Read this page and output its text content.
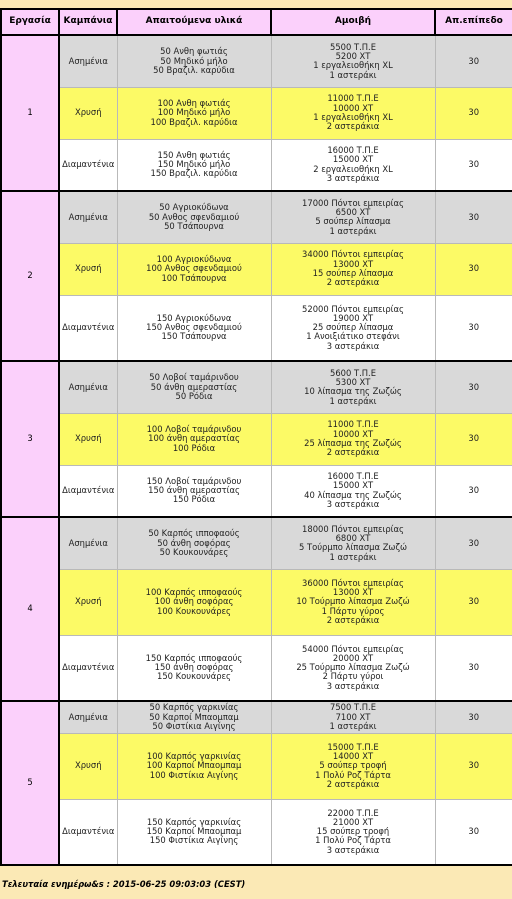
Εργασία	Καμπάνια	Απαιτούμενα υλικά	Αμοιβή	Απ.επίπεδο
1	Ασημένια	50 Ανθη φωτιάς
50 Μηδικό μήλο
50 Βραζιλ. καρύδια	5500 Τ.Π.Ε
5200 ΧΤ
1 εργαλειοθήκη XL
1 αστεράκι	30
	Χρυσή	100 Ανθη φωτιάς
100 Μηδικό μήλο
100 Βραζιλ. καρύδια	11000 Τ.Π.Ε
10000 ΧΤ
1 εργαλειοθήκη XL
2 αστεράκια	30
	Διαμαντένια	150 Ανθη φωτιάς
150 Μηδικό μήλο
150 Βραζιλ. καρύδια	16000 Τ.Π.Ε
15000 ΧΤ
2 εργαλειοθήκη XL
3 αστεράκια	30
2	Ασημένια	50 Αγριοκύδωνα
50 Ανθος σφενδαμιού
50 Τσάπουρνα	17000 Πόντοι εμπειρίας
6500 ΧΤ
5 σούπερ λίπασμα
1 αστεράκι	30
	Χρυσή	100 Αγριοκύδωνα
100 Ανθος σφενδαμιού
100 Τσάπουρνα	34000 Πόντοι εμπειρίας
13000 ΧΤ
15 σούπερ λίπασμα
2 αστεράκια	30
	Διαμαντένια	150 Αγριοκύδωνα
150 Ανθος σφενδαμιού
150 Τσάπουρνα	52000 Πόντοι εμπειρίας
19000 ΧΤ
25 σούπερ λίπασμα
1 Ανοιξιάτικο στεφάνι
3 αστεράκια	30
3	Ασημένια	50 Λοβοί ταμάρινδου
50 άνθη αμεραστίας
50 Ρόδια	5600 Τ.Π.Ε
5300 ΧΤ
10 λίπασμα της Ζωζώς
1 αστεράκι	30
	Χρυσή	100 Λοβοί ταμάρινδου
100 άνθη αμεραστίας
100 Ρόδια	11000 Τ.Π.Ε
10000 ΧΤ
25 λίπασμα της Ζωζώς
2 αστεράκια	30
	Διαμαντένια	150 Λοβοί ταμάρινδου
150 άνθη αμεραστίας
150 Ρόδια	16000 Τ.Π.Ε
15000 ΧΤ
40 λίπασμα της Ζωζώς
3 αστεράκια	30
4	Ασημένια	50 Καρπός ιπποφαούς
50 άνθη σοφόρας
50 Κουκουνάρες	18000 Πόντοι εμπειρίας
6800 ΧΤ
5 Τούρμπο λίπασμα Ζωζώ
1 αστεράκι	30
	Χρυσή	100 Καρπός ιπποφαούς
100 άνθη σοφόρας
100 Κουκουνάρες	36000 Πόντοι εμπειρίας
13000 ΧΤ
10 Τούρμπο λίπασμα Ζωζώ
1 Πάρτυ γύρος
2 αστεράκια	30
	Διαμαντένια	150 Καρπός ιπποφαούς
150 άνθη σοφόρας
150 Κουκουνάρες	54000 Πόντοι εμπειρίας
20000 ΧΤ
25 Τούρμπο λίπασμα Ζωζώ
2 Πάρτυ γύροι
3 αστεράκια	30
5	Ασημένια	50 Καρπός γαρκινίας
50 Καρποί Μπαομπαμ
50 Φιστίκια Αιγίνης	7500 Τ.Π.Ε
7100 ΧΤ
1 αστεράκι	30
	Χρυσή	100 Καρπός γαρκινίας
100 Καρποί Μπαομπαμ
100 Φιστίκια Αιγίνης	15000 Τ.Π.Ε
14000 ΧΤ
5 σούπερ τροφή
1 Πολύ Ροζ Τάρτα
2 αστεράκια	30
	Διαμαντένια	150 Καρπός γαρκινίας
150 Καρποί Μπαομπαμ
150 Φιστίκια Αιγίνης	22000 Τ.Π.Ε
21000 ΧΤ
15 σούπερ τροφή
1 Πολύ Ροζ Τάρτα
3 αστεράκια	30
Τελευταία ενημέρω&s : 2015-06-25 09:03:03 (CEST)
